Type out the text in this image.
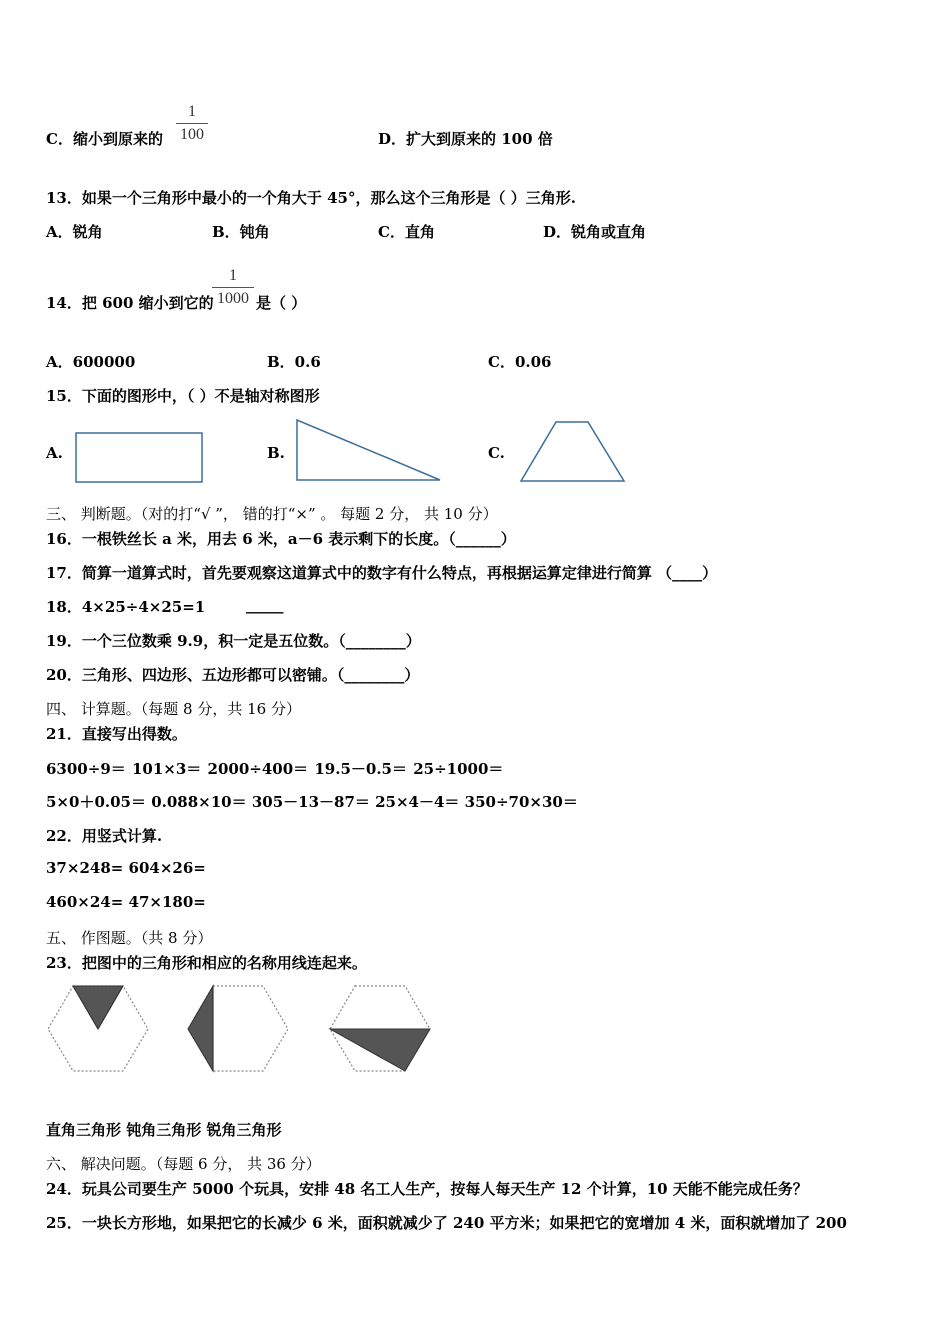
C．缩小到原来的
1
100	D．扩大到原来的 100 倍
13．如果一个三角形中最小的一个角大于 45°，那么这个三角形是（ ）三角形.
A．锐角	B．钝角	C．直角	D．锐角或直角
14．把 600 缩小到它的
1
1000 是（ ）
A．600000	B．0.6	C．0.06
15．下面的图形中，（ ）不是轴对称图形
A.	B.	C.
三、 判断题。（对的打“√ ”， 错的打“×” 。 每题 2 分， 共 10 分）
16．一根铁丝长 a 米，用去 6 米，a－6 表示剩下的长度。（______）
17．简算一道算式时，首先要观察这道算式中的数字有什么特点，再根据运算定律进行简算 （____）
18．4×25÷4×25=1	_____
19．一个三位数乘 9.9，积一定是五位数。（________）
20．三角形、四边形、五边形都可以密铺。（________）
四、 计算题。（每题 8 分，共 16 分）
21．直接写出得数。
6300÷9＝ 101×3＝ 2000÷400＝ 19.5－0.5＝ 25÷1000＝
5×0＋0.05＝ 0.088×10＝ 305－13－87＝ 25×4－4＝ 350÷70×30＝
22．用竖式计算.
37×248= 604×26=
460×24= 47×180=
五、 作图题。（共 8 分）
23．把图中的三角形和相应的名称用线连起来。
直角三角形 钝角三角形 锐角三角形
六、 解决问题。（每题 6 分， 共 36 分）
24．玩具公司要生产 5000 个玩具，安排 48 名工人生产，按每人每天生产 12 个计算，10 天能不能完成任务？
25．一块长方形地，如果把它的长减少 6 米，面积就减少了 240 平方米；如果把它的宽增加 4 米，面积就增加了 200
